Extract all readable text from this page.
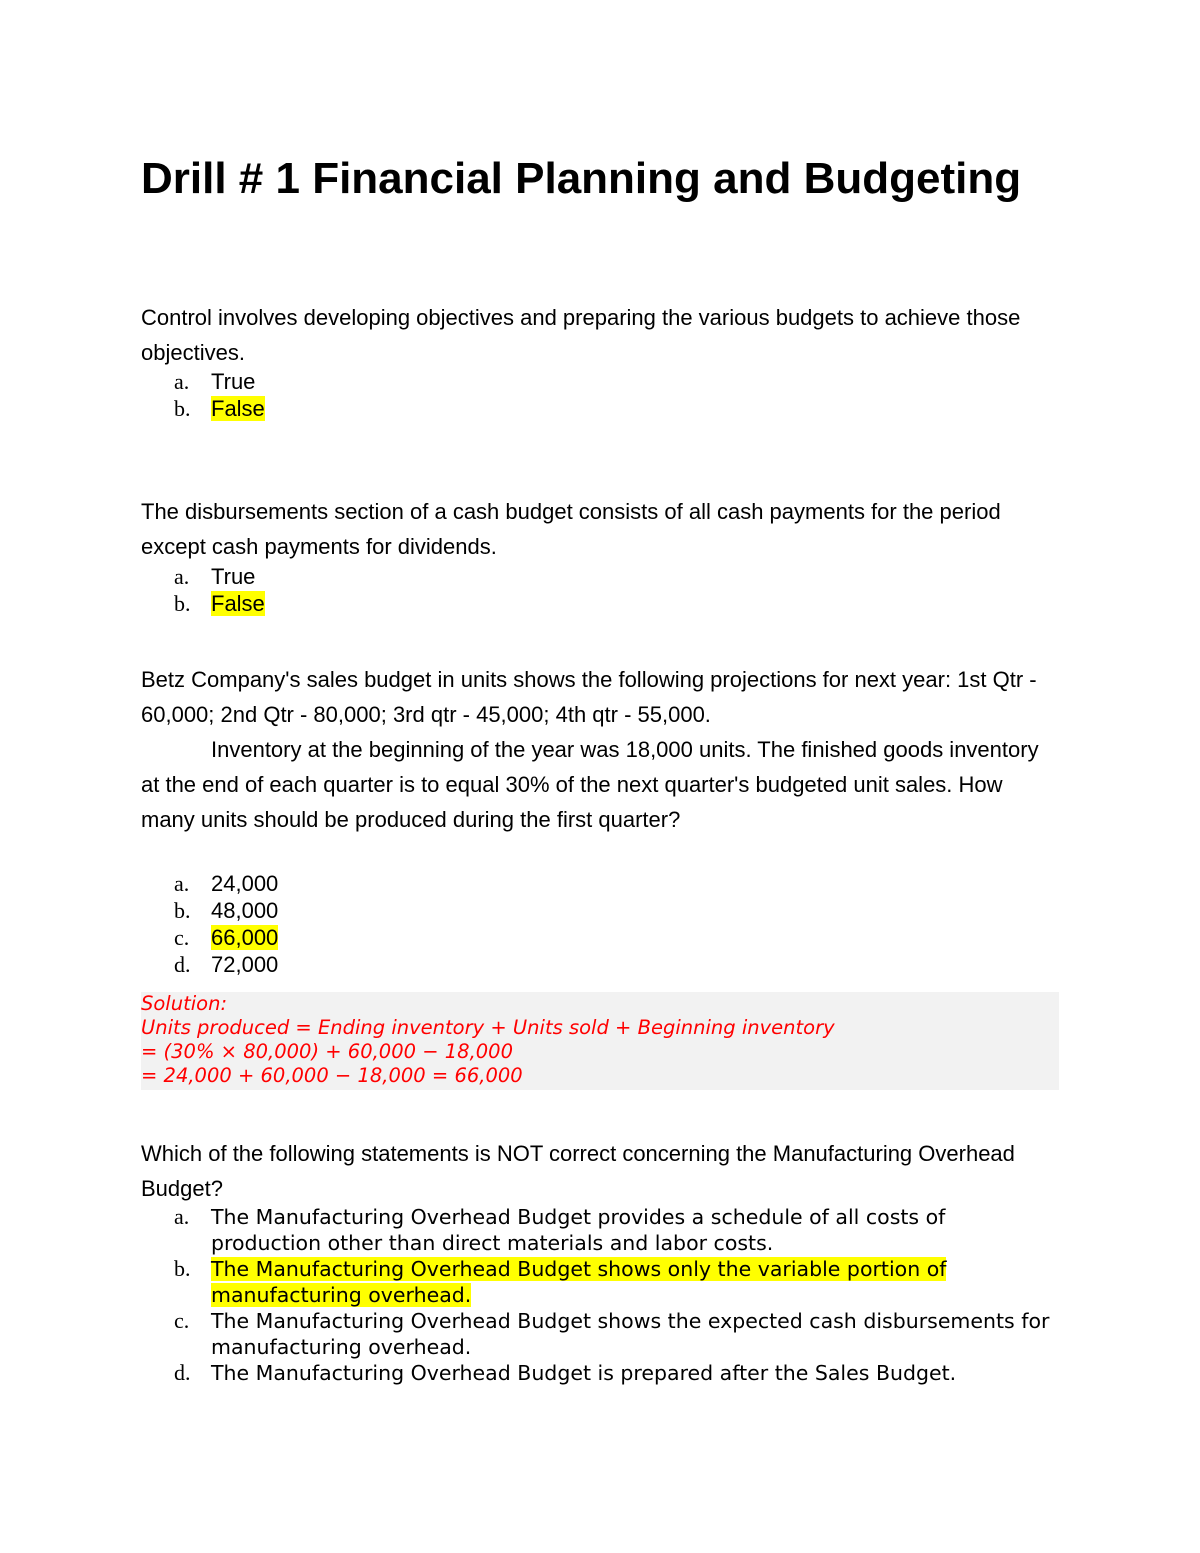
Drill # 1 Financial Planning and Budgeting

Control involves developing objectives and preparing the various budgets to achieve those objectives.

a. True
b. False

The disbursements section of a cash budget consists of all cash payments for the period except cash payments for dividends.

a. True
b. False

Betz Company's sales budget in units shows the following projections for next year: 1st Qtr - 60,000; 2nd Qtr - 80,000; 3rd qtr - 45,000; 4th qtr - 55,000.
Inventory at the beginning of the year was 18,000 units. The finished goods inventory at the end of each quarter is to equal 30% of the next quarter's budgeted unit sales. How many units should be produced during the first quarter?

a. 24,000
b. 48,000
c. 66,000
d. 72,000
Solution:
Units produced = Ending inventory + Units sold + Beginning inventory
= (30% × 80,000) + 60,000 − 18,000
= 24,000 + 60,000 − 18,000 = 66,000

Which of the following statements is NOT correct concerning the Manufacturing Overhead Budget?

a.	The Manufacturing Overhead Budget provides a schedule of all costs of production other than direct materials and labor costs.
b.	The Manufacturing Overhead Budget shows only the variable portion of manufacturing overhead.
c.	The Manufacturing Overhead Budget shows the expected cash disbursements for manufacturing overhead.
d.	The Manufacturing Overhead Budget is prepared after the Sales Budget.
